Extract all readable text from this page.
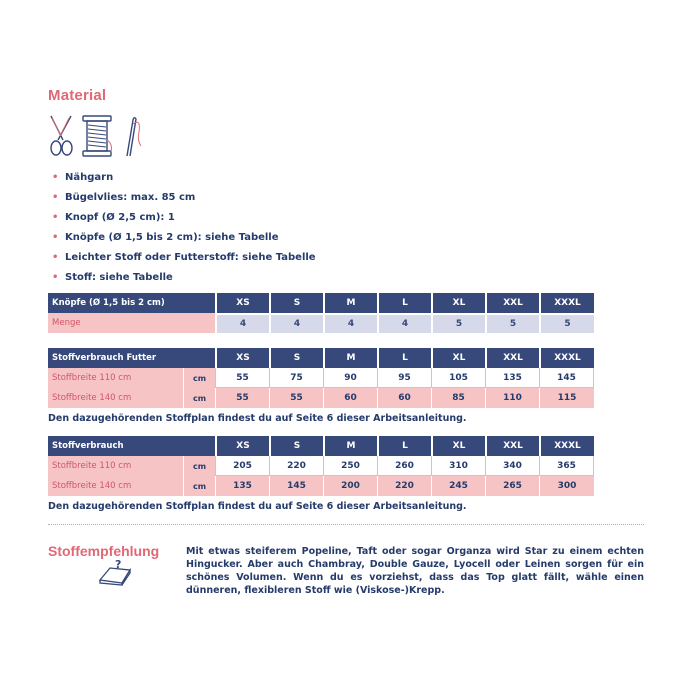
Material
• Nähgarn
• Bügelvlies: max. 85 cm
• Knopf (Ø 2,5 cm): 1
• Knöpfe (Ø 1,5 bis 2 cm): siehe Tabelle
• Leichter Stoff oder Futterstoff: siehe Tabelle
• Stoff: siehe Tabelle
Knöpfe (Ø 1,5 bis 2 cm)	XS	S	M	L	XL	XXL	XXXL
Menge	4	4	4	4	5	5	5
Stoffverbrauch Futter		XS	S	M	L	XL	XXL	XXXL
Stoffbreite 110 cm	cm	55	75	90	95	105	135	145
Stoffbreite 140 cm	cm	55	55	60	60	85	110	115
Den dazugehörenden Stoffplan findest du auf Seite 6 dieser Arbeitsanleitung.
Stoffverbrauch		XS	S	M	L	XL	XXL	XXXL
Stoffbreite 110 cm	cm	205	220	250	260	310	340	365
Stoffbreite 140 cm	cm	135	145	200	220	245	265	300
Den dazugehörenden Stoffplan findest du auf Seite 6 dieser Arbeitsanleitung.
Stoffempfehlung
?
Mit etwas steiferem Popeline, Taft oder sogar Organza wird Star zu einem echten Hingucker. Aber auch Chambray, Double Gauze, Lyocell oder Leinen sorgen für ein schönes Volumen. Wenn du es vorziehst, dass das Top glatt fällt, wähle einen dünneren, flexibleren Stoff wie (Viskose-)Krepp.
